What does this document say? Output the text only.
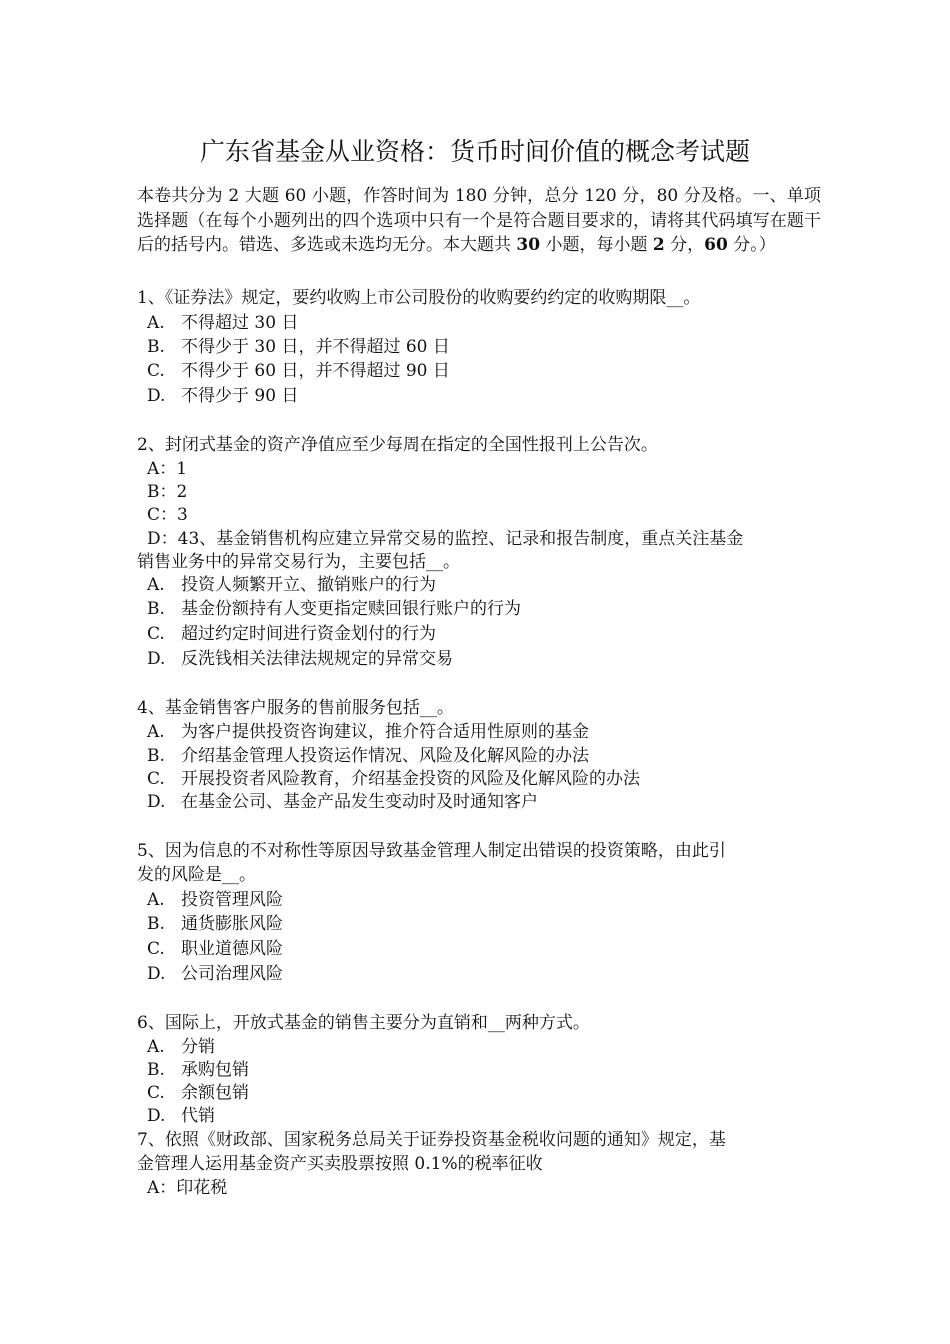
广东省基金从业资格：货币时间价值的概念考试题

本卷共分为 2 大题 60 小题，作答时间为 180 分钟，总分 120 分，80 分及格。一、单项选择题（在每个小题列出的四个选项中只有一个是符合题目要求的，请将其代码填写在题干后的括号内。错选、多选或未选均无分。本大题共 30 小题，每小题 2 分，60 分。）

1、《证券法》规定，要约收购上市公司股份的收购要约约定的收购期限__。
A. 不得超过 30 日
B. 不得少于 30 日，并不得超过 60 日
C. 不得少于 60 日，并不得超过 90 日
D. 不得少于 90 日
2、封闭式基金的资产净值应至少每周在指定的全国性报刊上公告次。
A：1
B：2
C：3
D：43、基金销售机构应建立异常交易的监控、记录和报告制度，重点关注基金
销售业务中的异常交易行为，主要包括__。
A. 投资人频繁开立、撤销账户的行为
B. 基金份额持有人变更指定赎回银行账户的行为
C. 超过约定时间进行资金划付的行为
D. 反洗钱相关法律法规规定的异常交易
4、基金销售客户服务的售前服务包括__。
A. 为客户提供投资咨询建议，推介符合适用性原则的基金
B. 介绍基金管理人投资运作情况、风险及化解风险的办法
C. 开展投资者风险教育，介绍基金投资的风险及化解风险的办法
D. 在基金公司、基金产品发生变动时及时通知客户
5、因为信息的不对称性等原因导致基金管理人制定出错误的投资策略，由此引
发的风险是__。
A. 投资管理风险
B. 通货膨胀风险
C. 职业道德风险
D. 公司治理风险
6、国际上，开放式基金的销售主要分为直销和__两种方式。
A. 分销
B. 承购包销
C. 余额包销
D. 代销
7、依照《财政部、国家税务总局关于证券投资基金税收问题的通知》规定，基
金管理人运用基金资产买卖股票按照 0.1%的税率征收
A：印花税
